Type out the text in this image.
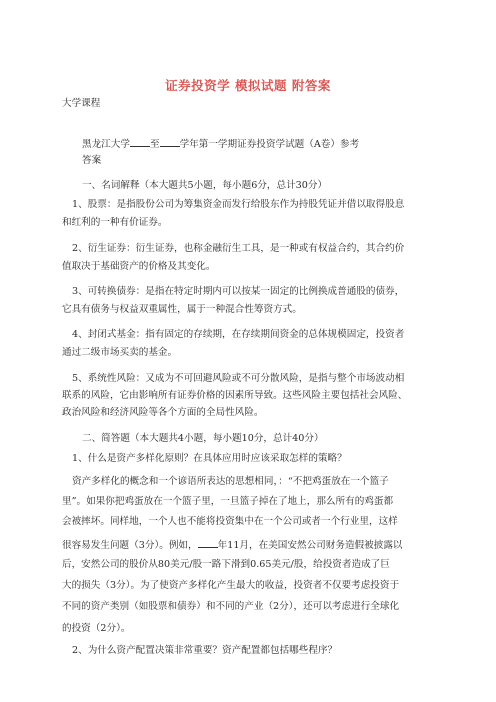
证券投资学 模拟试题 附答案
大学课程
黑龙江大学 至 学年第一学期证券投资学试题（A卷）参考
答案
一、名词解释（本大题共5小题，每小题6分，总计30分）
1、股票：是指股份公司为筹集资金而发行给股东作为持股凭证并借以取得股息
和红利的一种有价证券。
2、衍生证券：衍生证券，也称金融衍生工具，是一种或有权益合约，其合约价
值取决于基础资产的价格及其变化。
3、可转换债券：是指在特定时期内可以按某一固定的比例换成普通股的债券，
它具有债务与权益双重属性，属于一种混合性筹资方式。
4、封闭式基金：指有固定的存续期，在存续期间资金的总体规模固定，投资者
通过二级市场买卖的基金。
5、系统性风险：又成为不可回避风险或不可分散风险，是指与整个市场波动相
联系的风险，它由影响所有证券价格的因素所导致。这些风险主要包括社会风险、
政治风险和经济风险等各个方面的全局性风险。
二、简答题（本大题共4小题，每小题10分，总计40分）
1、什么是资产多样化原则？在具体应用时应该采取怎样的策略？
资产多样化的概念和一个谚语所表达的思想相同，：“不把鸡蛋放在一个篮子
里”。如果你把鸡蛋放在一个篮子里，一旦篮子掉在了地上，那么所有的鸡蛋都
会被摔坏。同样地，一个人也不能将投资集中在一个公司或者一个行业里，这样
很容易发生问题（3分）。例如， 年11月，在美国安然公司财务造假被披露以
后，安然公司的股价从80美元/股一路下滑到0.65美元/股，给投资者造成了巨
大的损失（3分）。为了使资产多样化产生最大的收益，投资者不仅要考虑投资于
不同的资产类别（如股票和债券）和不同的产业（2分），还可以考虑进行全球化
的投资（2分）。
2、为什么资产配置决策非常重要？资产配置都包括哪些程序？
